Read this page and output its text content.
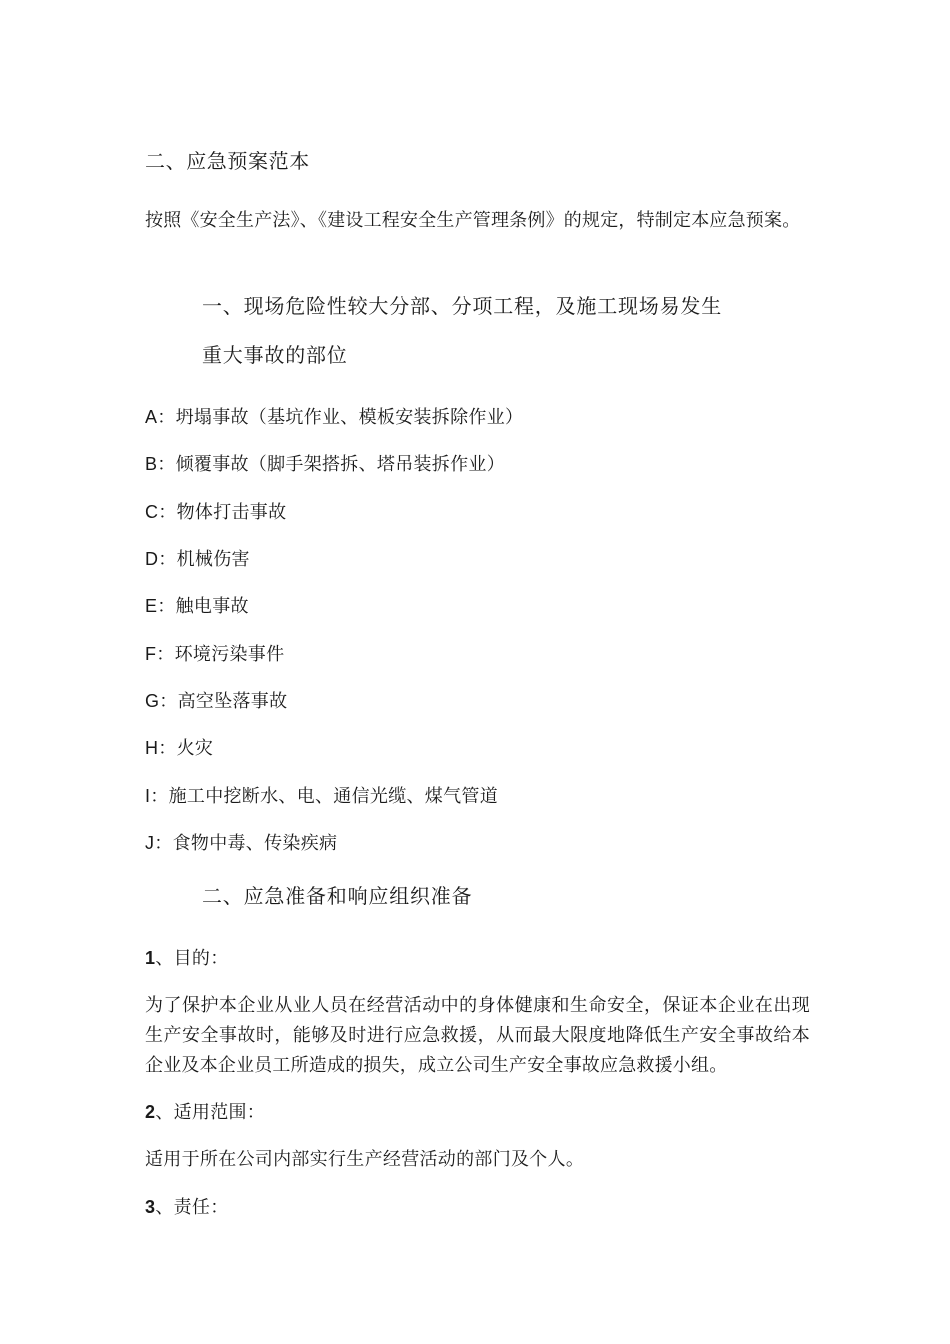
二、应急预案范本
按照《安全生产法》、《建设工程安全生产管理条例》的规定，特制定本应急预案。
一、现场危险性较大分部、分项工程，及施工现场易发生
重大事故的部位
A：坍塌事故（基坑作业、模板安装拆除作业）
B：倾覆事故（脚手架搭拆、塔吊装拆作业）
C：物体打击事故
D：机械伤害
E：触电事故
F：环境污染事件
G：高空坠落事故
H：火灾
I：施工中挖断水、电、通信光缆、煤气管道
J：食物中毒、传染疾病
二、应急准备和响应组织准备
1、目的：
为了保护本企业从业人员在经营活动中的身体健康和生命安全，保证本企业在出现生产安全事故时，能够及时进行应急救援，从而最大限度地降低生产安全事故给本企业及本企业员工所造成的损失，成立公司生产安全事故应急救援小组。
2、适用范围：
适用于所在公司内部实行生产经营活动的部门及个人。
3、责任：
